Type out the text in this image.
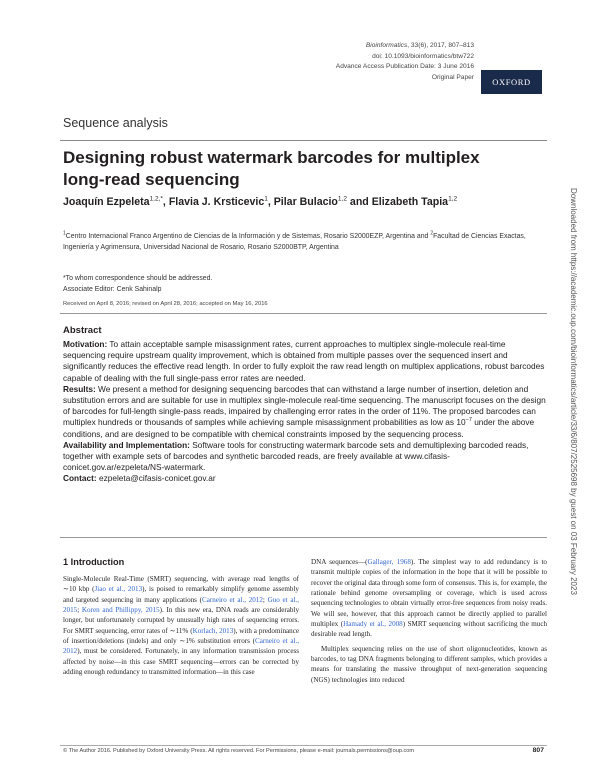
Bioinformatics, 33(6), 2017, 807–813
doi: 10.1093/bioinformatics/btw722
Advance Access Publication Date: 3 June 2016
Original Paper	OXFORD
Sequence analysis
Designing robust watermark barcodes for multiplex long-read sequencing
Joaquín Ezpeleta$^{1,2,*}$, Flavia J. Krsticevic$^1$, Pilar Bulacio$^{1,2}$ and Elizabeth Tapia$^{1,2}$
$^1$Centro Internacional Franco Argentino de Ciencias de la Información y de Sistemas, Rosario S2000EZP, Argentina and $^2$Facultad de Ciencias Exactas, Ingeniería y Agrimensura, Universidad Nacional de Rosario, Rosario S2000BTP, Argentina
*To whom correspondence should be addressed.
Associate Editor: Cenk Sahinalp
Received on April 8, 2016; revised on April 28, 2016; accepted on May 16, 2016
Abstract

Motivation: To attain acceptable sample misassignment rates, current approaches to multiplex single-molecule real-time sequencing require upstream quality improvement, which is obtained from multiple passes over the sequenced insert and significantly reduces the effective read length. In order to fully exploit the raw read length on multiplex applications, robust barcodes capable of dealing with the full single-pass error rates are needed.

Results: We present a method for designing sequencing barcodes that can withstand a large number of insertion, deletion and substitution errors and are suitable for use in multiplex single-molecule real-time sequencing. The manuscript focuses on the design of barcodes for full-length single-pass reads, impaired by challenging error rates in the order of 11%. The proposed barcodes can multiplex hundreds or thousands of samples while achieving sample misassignment probabilities as low as $10^{-7}$ under the above conditions, and are designed to be compatible with chemical constraints imposed by the sequencing process.

Availability and Implementation: Software tools for constructing watermark barcode sets and demultiplexing barcoded reads, together with example sets of barcodes and synthetic barcoded reads, are freely available at www.cifasis-conicet.gov.ar/ezpeleta/NS-watermark.

Contact: ezpeleta@cifasis-conicet.gov.ar

1 Introduction

Single-Molecule Real-Time (SMRT) sequencing, with average read lengths of ∼10 kbp (Jiao et al., 2013), is poised to remarkably simplify genome assembly and targeted sequencing in many applications (Carneiro et al., 2012; Guo et al., 2015; Koren and Phillippy, 2015). In this new era, DNA reads are considerably longer, but unfortunately corrupted by unusually high rates of sequencing errors. For SMRT sequencing, error rates of ∼11% (Korlach, 2013), with a predominance of insertion/deletions (indels) and only ∼1% substitution errors (Carneiro et al., 2012), must be considered. Fortunately, in any information transmission process affected by noise—in this case SMRT sequencing—errors can be corrected by adding enough redundancy to transmitted information—in this case

DNA sequences—(Gallager, 1968). The simplest way to add redundancy is to transmit multiple copies of the information in the hope that it will be possible to recover the original data through some form of consensus. This is, for example, the rationale behind genome oversampling or coverage, which is used across sequencing technologies to obtain virtually error-free sequences from noisy reads. We will see, however, that this approach cannot be directly applied to parallel multiplex (Hamady et al., 2008) SMRT sequencing without sacrificing the much desirable read length.

Multiplex sequencing relies on the use of short oligonucleotides, known as barcodes, to tag DNA fragments belonging to different samples, which provides a means for translating the massive throughput of next-generation sequencing (NGS) technologies into reduced

© The Author 2016. Published by Oxford University Press. All rights reserved. For Permissions, please e-mail: journals.permissions@oup.com	807
Downloaded from https://academic.oup.com/bioinformatics/article/33/6/807/2525698 by guest on 03 February 2023
